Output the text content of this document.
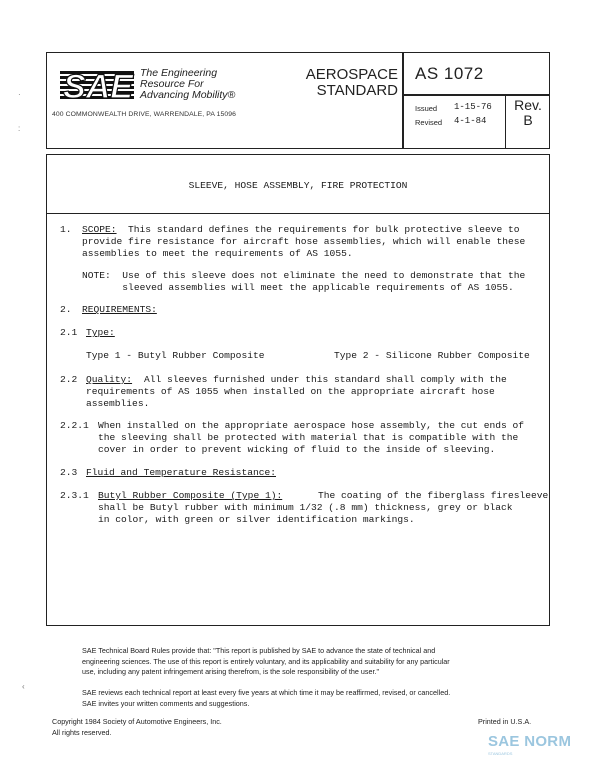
SAE The Engineering
Resource For
Advancing Mobility®
400 COMMONWEALTH DRIVE, WARRENDALE, PA 15096
AEROSPACE
STANDARD
AS 1072
Issued 1-15-76
Revised 4-1-84
Rev.
B
SLEEVE, HOSE ASSEMBLY, FIRE PROTECTION
1. SCOPE: This standard defines the requirements for bulk protective sleeve to
provide fire resistance for aircraft hose assemblies, which will enable these
assemblies to meet the requirements of AS 1055.
NOTE:  Use of this sleeve does not eliminate the need to demonstrate that the
sleeved assemblies will meet the applicable requirements of AS 1055.
2. REQUIREMENTS:
2.1 Type:
Type 1 - Butyl Rubber Composite	Type 2 - Silicone Rubber Composite
2.2 Quality: All sleeves furnished under this standard shall comply with the
requirements of AS 1055 when installed on the appropriate aircraft hose
assemblies.
2.2.1 When installed on the appropriate aerospace hose assembly, the cut ends of
the sleeving shall be protected with material that is compatible with the
cover in order to prevent wicking of fluid to the inside of sleeving.
2.3 Fluid and Temperature Resistance:
2.3.1 Butyl Rubber Composite (Type 1):	The coating of the fiberglass firesleeve
shall be Butyl rubber with minimum 1/32 (.8 mm) thickness, grey or black
in color, with green or silver identification markings.
SAE Technical Board Rules provide that: "This report is published by SAE to advance the state of technical and
engineering sciences. The use of this report is entirely voluntary, and its applicability and suitability for any particular
use, including any patent infringement arising therefrom, is the sole responsibility of the user."
SAE reviews each technical report at least every five years at which time it may be reaffirmed, revised, or cancelled.
SAE invites your written comments and suggestions.
Copyright 1984 Society of Automotive Engineers, Inc.
All rights reserved.
Printed in U.S.A.
SAE NORM
STANDARDS
·
:
‹
